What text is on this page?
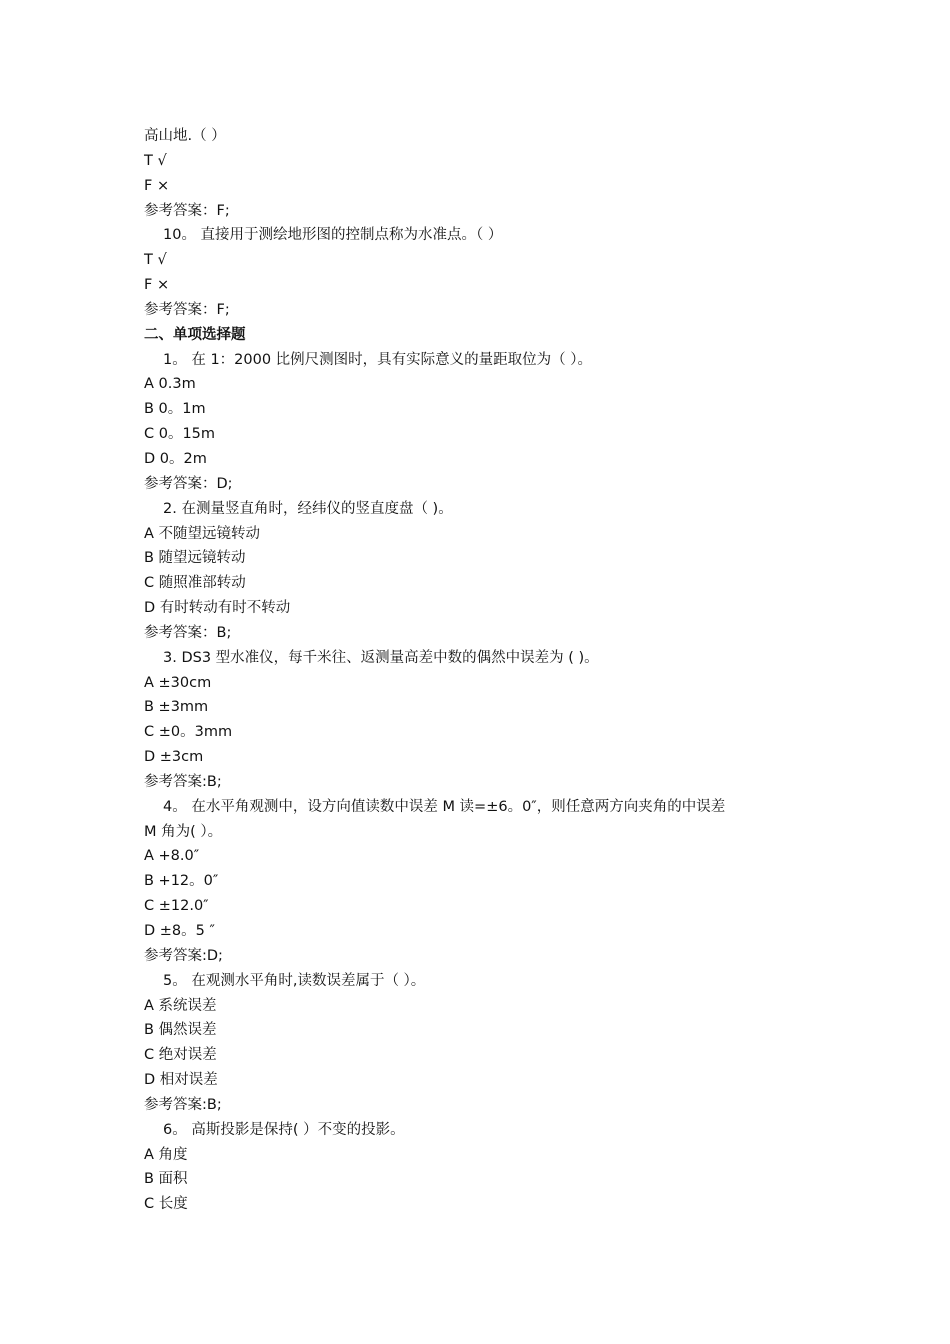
高山地.（ ）
T √
F ×
参考答案：F;
10。 直接用于测绘地形图的控制点称为水准点。（ ）
T √
F ×
参考答案：F;
二、单项选择题
1。 在 1：2000 比例尺测图时，具有实际意义的量距取位为（ ）。
A 0.3m
B 0。1m
C 0。15m
D 0。2m
参考答案：D;
2. 在测量竖直角时，经纬仪的竖直度盘（ )。
A 不随望远镜转动
B 随望远镜转动
C 随照准部转动
D 有时转动有时不转动
参考答案：B;
3. DS3 型水准仪，每千米往、返测量高差中数的偶然中误差为 ( )。
A ±30cm
B ±3mm
C ±0。3mm
D ±3cm
参考答案:B;
4。 在水平角观测中，设方向值读数中误差 M 读=±6。0″，则任意两方向夹角的中误差
M 角为( ）。
A +8.0″
B +12。0″
C ±12.0″
D ±8。5 ″
参考答案:D;
5。 在观测水平角时,读数误差属于（ ）。
A 系统误差
B 偶然误差
C 绝对误差
D 相对误差
参考答案:B;
6。 高斯投影是保持( ）不变的投影。
A 角度
B 面积
C 长度
